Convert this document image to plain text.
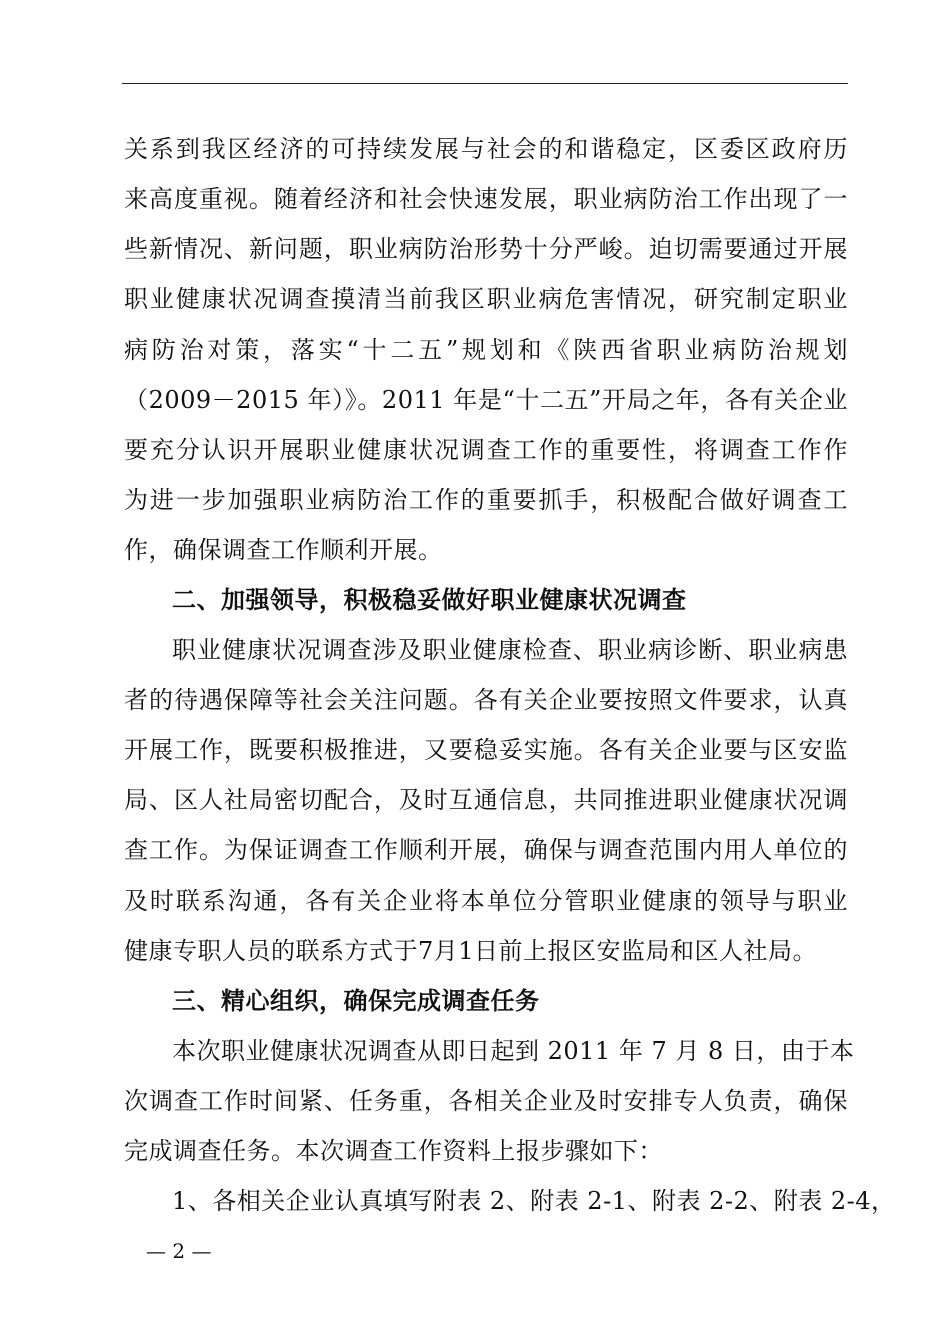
关系到我区经济的可持续发展与社会的和谐稳定，区委区政府历
来高度重视。随着经济和社会快速发展，职业病防治工作出现了一
些新情况、新问题，职业病防治形势十分严峻。迫切需要通过开展
职业健康状况调查摸清当前我区职业病危害情况，研究制定职业
病防治对策，落实“十二五”规划和《陕西省职业病防治规划
（2009－2015 年）》。2011 年是“十二五”开局之年，各有关企业
要充分认识开展职业健康状况调查工作的重要性，将调查工作作
为进一步加强职业病防治工作的重要抓手，积极配合做好调查工
作，确保调查工作顺利开展。
二、加强领导，积极稳妥做好职业健康状况调查
职业健康状况调查涉及职业健康检查、职业病诊断、职业病患
者的待遇保障等社会关注问题。各有关企业要按照文件要求，认真
开展工作，既要积极推进，又要稳妥实施。各有关企业要与区安监
局、区人社局密切配合，及时互通信息，共同推进职业健康状况调
查工作。为保证调查工作顺利开展，确保与调查范围内用人单位的
及时联系沟通，各有关企业将本单位分管职业健康的领导与职业
健康专职人员的联系方式于7月1日前上报区安监局和区人社局。
三、精心组织，确保完成调查任务
本次职业健康状况调查从即日起到 2011 年 7 月 8 日，由于本
次调查工作时间紧、任务重，各相关企业及时安排专人负责，确保
完成调查任务。本次调查工作资料上报步骤如下：
1、各相关企业认真填写附表 2、附表 2-1、附表 2-2、附表 2-4，
— 2 —
